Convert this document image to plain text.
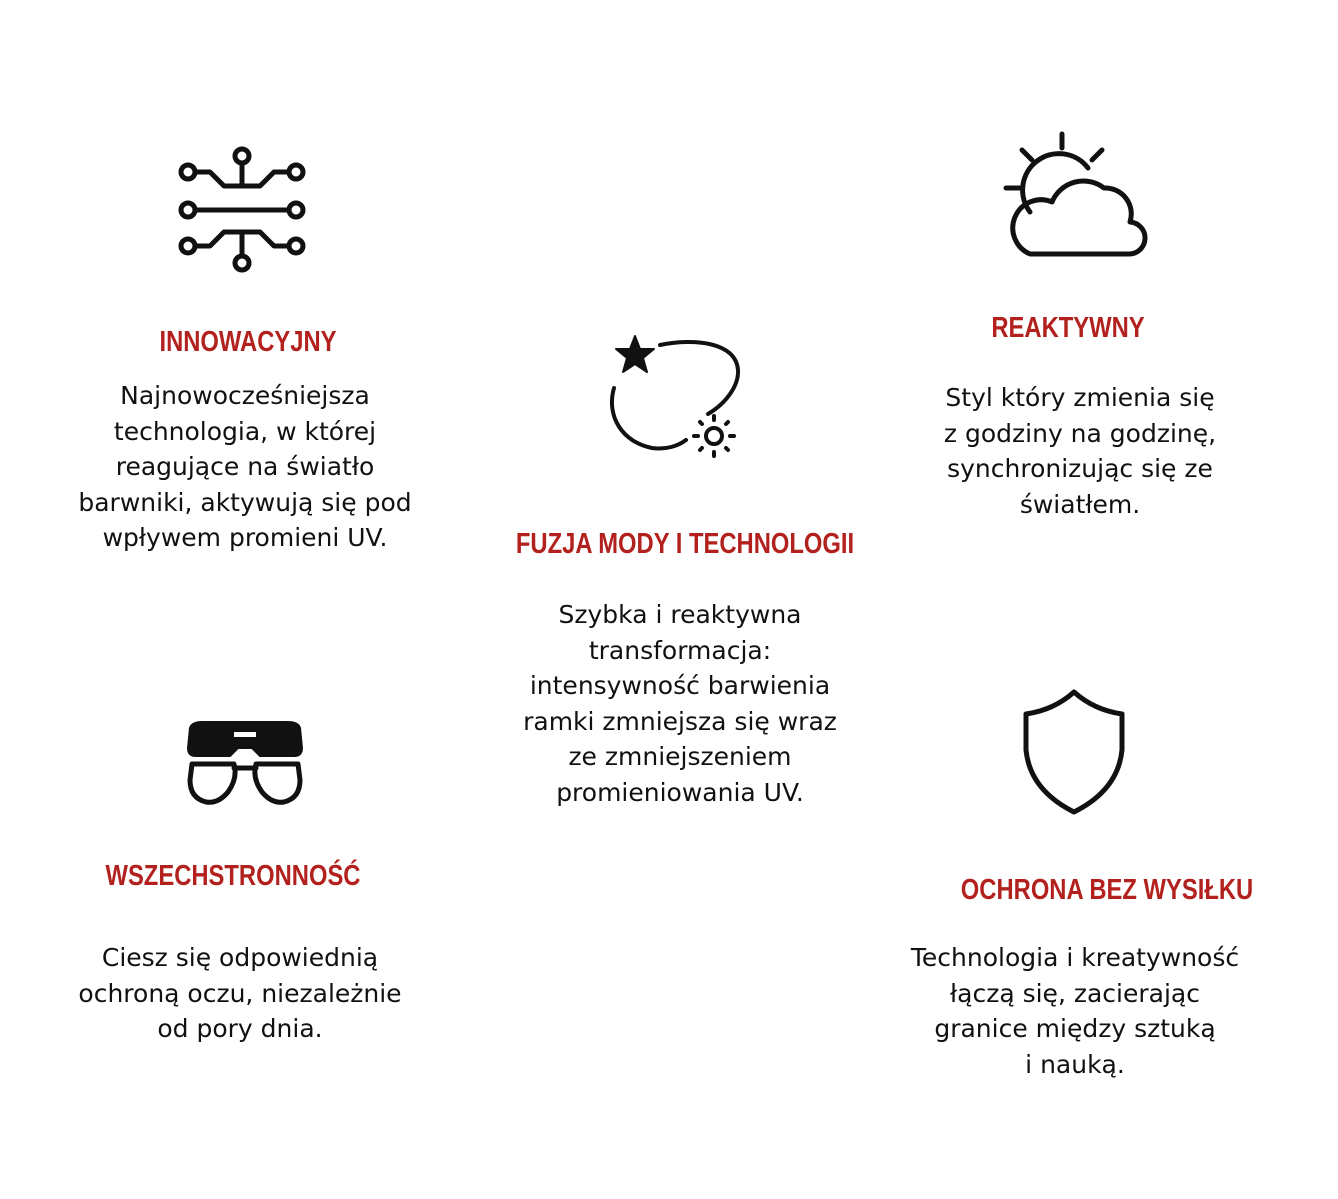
INNOWACYJNY
Najnowocześniejsza
technologia, w której
reagujące na światło
barwniki, aktywują się pod
wpływem promieni UV.
REAKTYWNY
Styl który zmienia się
z godziny na godzinę,
synchronizując się ze
światłem.
FUZJA MODY I TECHNOLOGII
Szybka i reaktywna
transformacja:
intensywność barwienia
ramki zmniejsza się wraz
ze zmniejszeniem
promieniowania UV.
WSZECHSTRONNOŚĆ
Ciesz się odpowiednią
ochroną oczu, niezależnie
od pory dnia.
OCHRONA BEZ WYSIŁKU
Technologia i kreatywność
łączą się, zacierając
granice między sztuką
i nauką.
